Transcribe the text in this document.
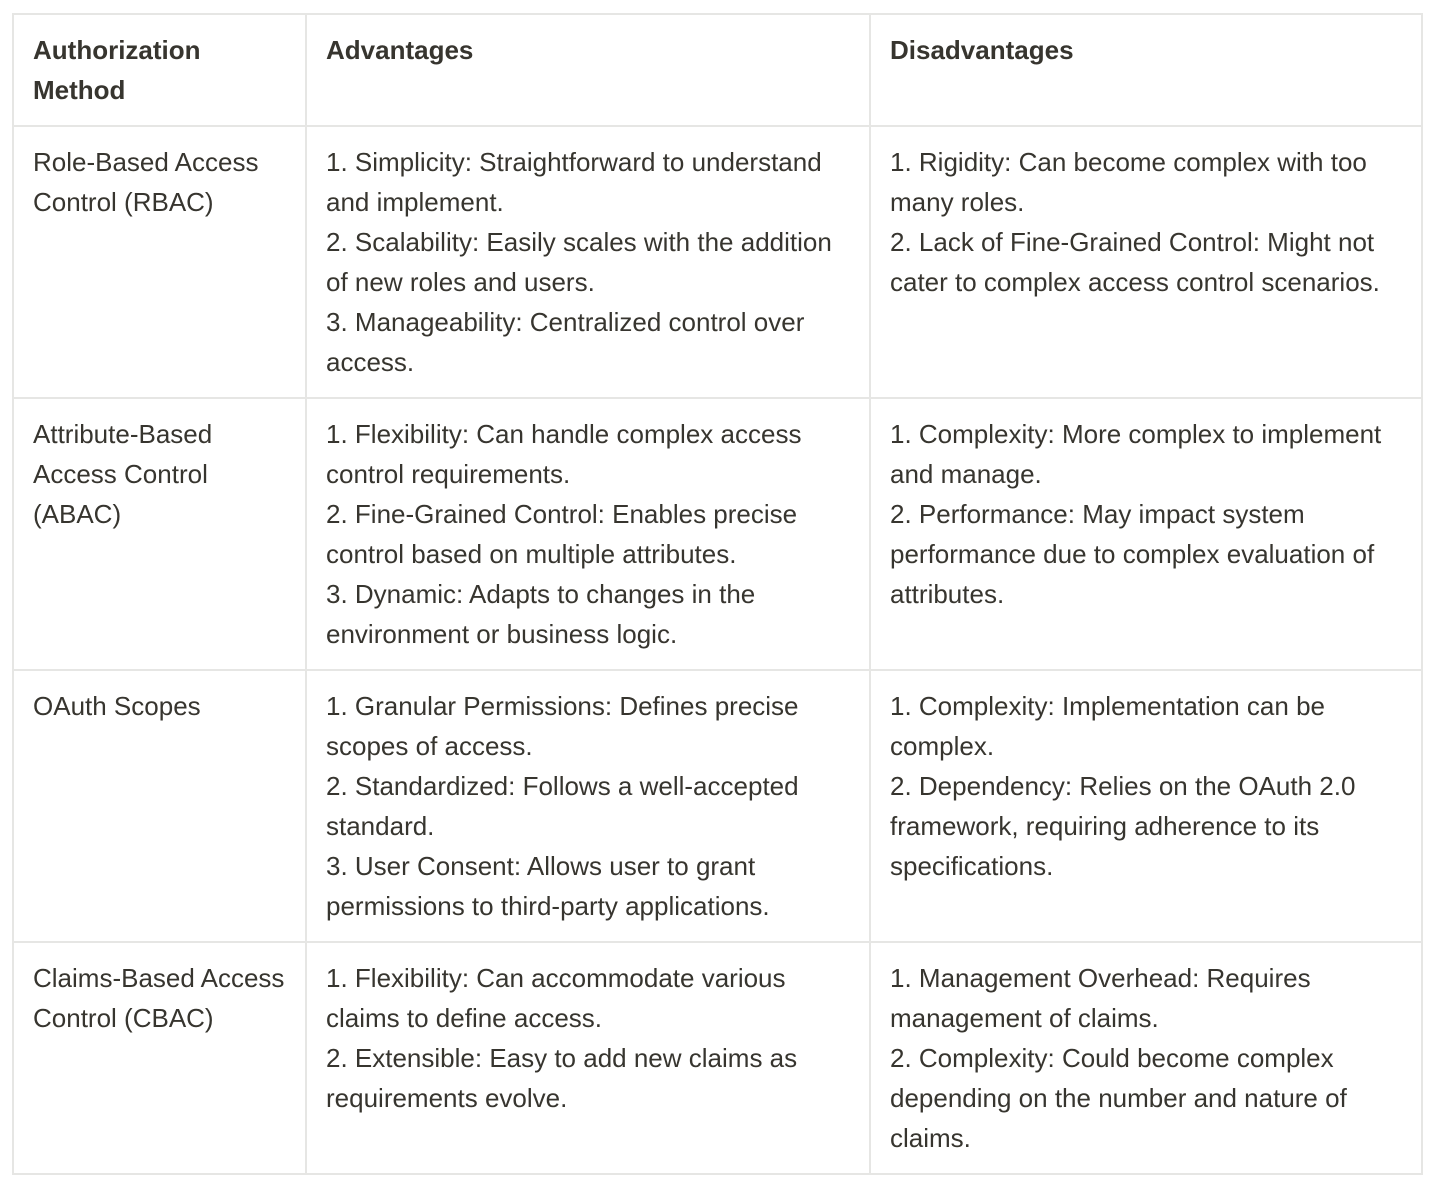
Authorization Method	Advantages	Disadvantages
Role-Based Access Control (RBAC)	1. Simplicity: Straightforward to understand and implement.
2. Scalability: Easily scales with the addition of new roles and users.
3. Manageability: Centralized control over access.	1. Rigidity: Can become complex with too many roles.
2. Lack of Fine-Grained Control: Might not cater to complex access control scenarios.

Attribute-Based Access Control (ABAC)	1. Flexibility: Can handle complex access control requirements.
2. Fine-Grained Control: Enables precise control based on multiple attributes.
3. Dynamic: Adapts to changes in the environment or business logic.	1. Complexity: More complex to implement and manage.
2. Performance: May impact system performance due to complex evaluation of attributes.

OAuth Scopes	1. Granular Permissions: Defines precise scopes of access.
2. Standardized: Follows a well-accepted standard.
3. User Consent: Allows user to grant permissions to third-party applications.	1. Complexity: Implementation can be complex.
2. Dependency: Relies on the OAuth 2.0 framework, requiring adherence to its specifications.

Claims-Based Access Control (CBAC)	1. Flexibility: Can accommodate various claims to define access.
2. Extensible: Easy to add new claims as requirements evolve.	1. Management Overhead: Requires management of claims.
2. Complexity: Could become complex depending on the number and nature of claims.
